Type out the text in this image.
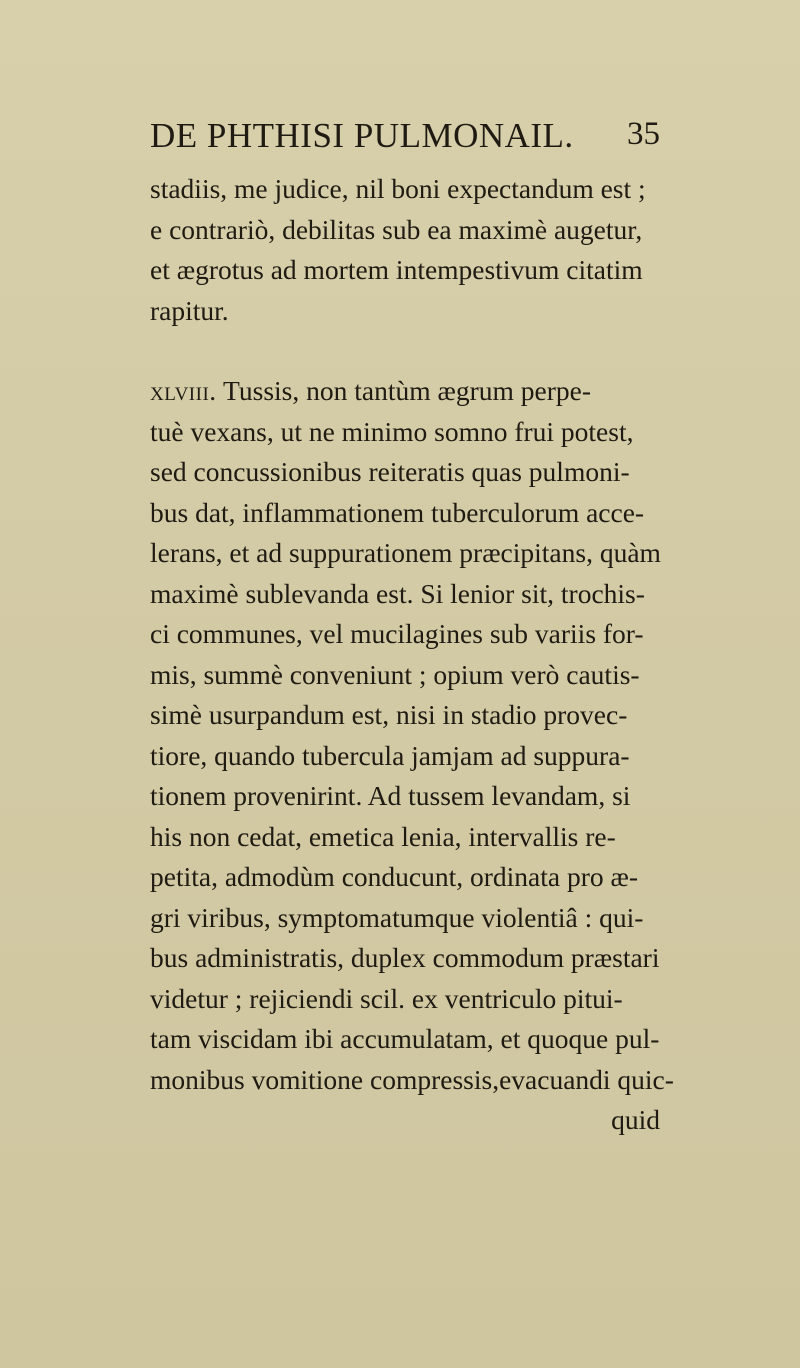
DE PHTHISI PULMONAIL. 35
stadiis, me judice, nil boni expectandum est ;
e contrariò, debilitas sub ea maximè augetur,
et ægrotus ad mortem intempestivum citatim
rapitur.
xlviii. Tussis, non tantùm ægrum perpe-
tuè vexans, ut ne minimo somno frui potest,
sed concussionibus reiteratis quas pulmoni-
bus dat, inflammationem tuberculorum acce-
lerans, et ad suppurationem præcipitans, quàm
maximè sublevanda est. Si lenior sit, trochis-
ci communes, vel mucilagines sub variis for-
mis, summè conveniunt ; opium verò cautis-
simè usurpandum est, nisi in stadio provec-
tiore, quando tubercula jamjam ad suppura-
tionem provenirint. Ad tussem levandam, si
his non cedat, emetica lenia, intervallis re-
petita, admodùm conducunt, ordinata pro æ-
gri viribus, symptomatumque violentiâ : qui-
bus administratis, duplex commodum præstari
videtur ; rejiciendi scil. ex ventriculo pitui-
tam viscidam ibi accumulatam, et quoque pul-
monibus vomitione compressis,evacuandi quic-
quid
